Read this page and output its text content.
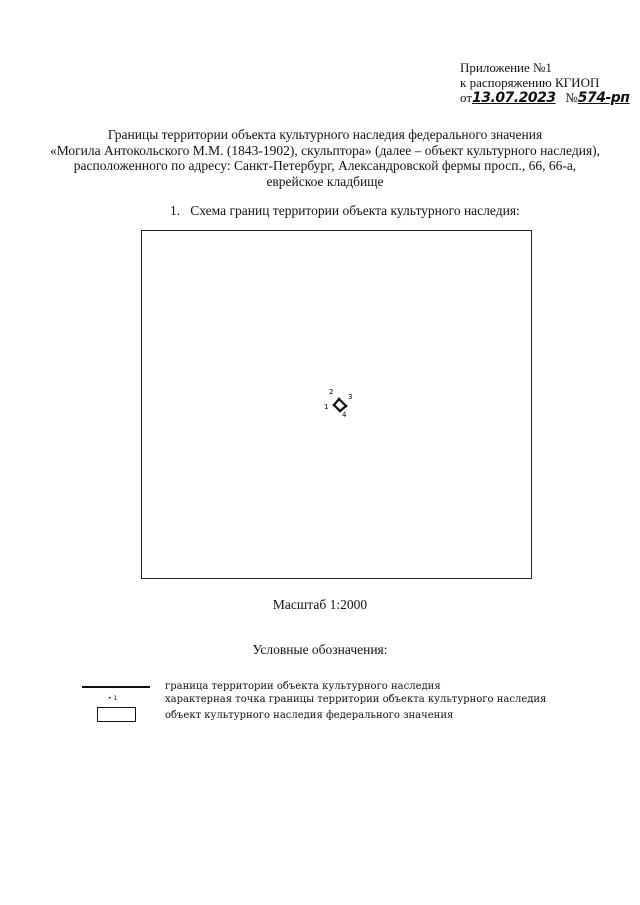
Приложение №1
к распоряжению КГИОП
от13.07.2023 №574-рп
Границы территории объекта культурного наследия федерального значения
«Могила Антокольского М.М. (1843-1902), скульптора» (далее – объект культурного наследия),
расположенного по адресу: Санкт-Петербург, Александровской фермы просп., 66, 66-а,
еврейское кладбище
1. Схема границ территории объекта культурного наследия:
1
2
3
4
Масштаб 1:2000
Условные обозначения:
• 1
граница территории объекта культурного наследия
характерная точка границы территории объекта культурного наследия
объект культурного наследия федерального значения
